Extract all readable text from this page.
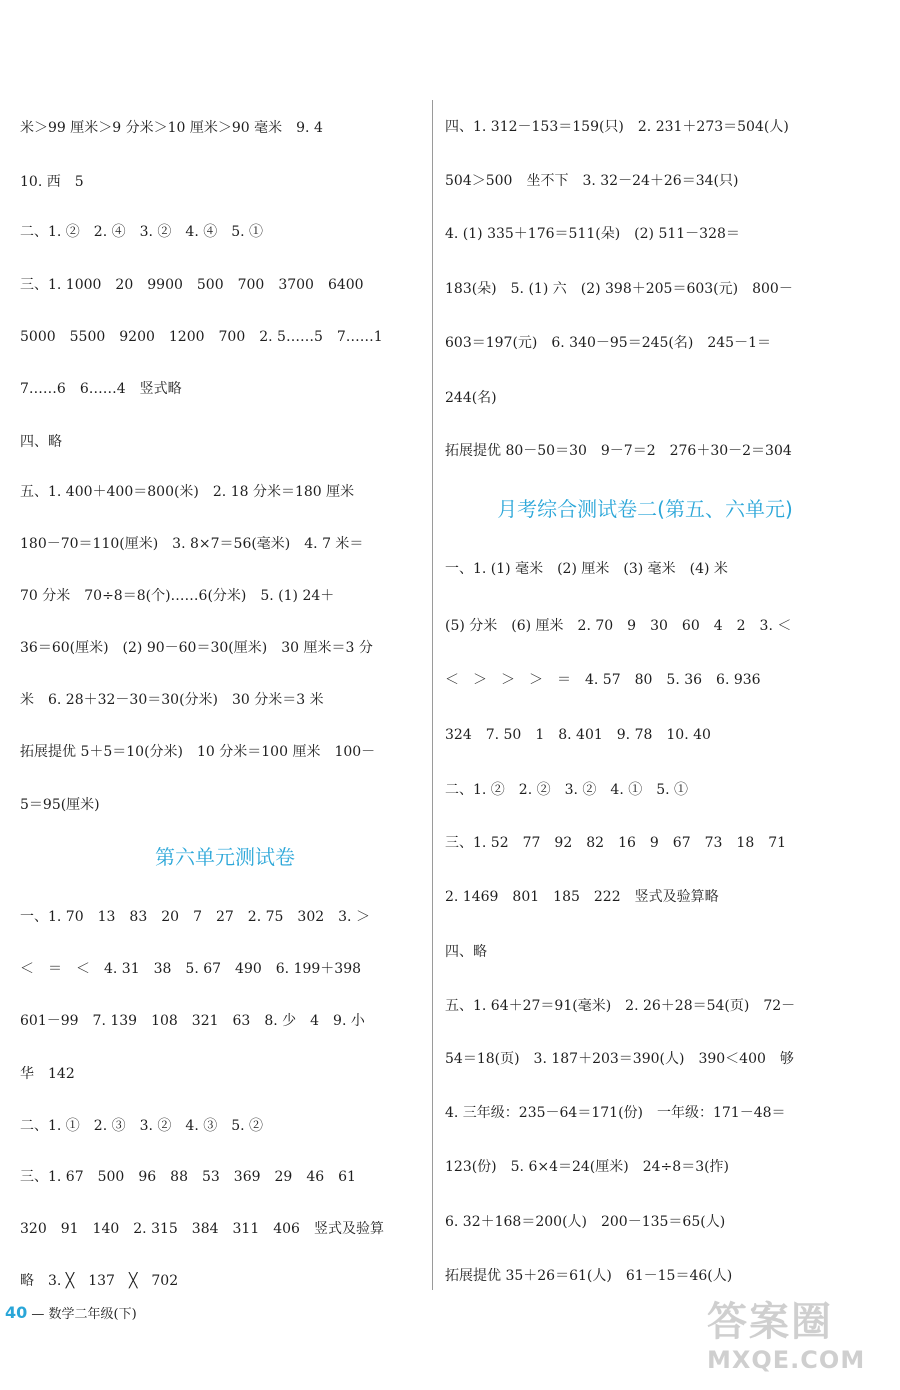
米＞99 厘米＞9 分米＞10 厘米＞90 毫米　9. 4
10. 西　5
二、1. ②　2. ④　3. ②　4. ④　5. ①
三、1. 1000　20　9900　500　700　3700　6400
5000　5500　9200　1200　700　2. 5……5　7……1
7……6　6……4　竖式略
四、略
五、1. 400＋400＝800(米)　2. 18 分米＝180 厘米
180－70＝110(厘米)　3. 8×7＝56(毫米)　4. 7 米＝
70 分米　70÷8＝8(个)……6(分米)　5. (1) 24＋
36＝60(厘米)　(2) 90－60＝30(厘米)　30 厘米＝3 分
米　6. 28＋32－30＝30(分米)　30 分米＝3 米
拓展提优 5＋5＝10(分米)　10 分米＝100 厘米　100－
5＝95(厘米)
第六单元测试卷
一、1. 70　13　83　20　7　27　2. 75　302　3. ＞
＜　＝　＜　4. 31　38　5. 67　490　6. 199＋398
601－99　7. 139　108　321　63　8. 少　4　9. 小
华　142
二、1. ①　2. ③　3. ②　4. ③　5. ②
三、1. 67　500　96　88　53　369　29　46　61
320　91　140　2. 315　384　311　406　竖式及验算
略　3. ╳　137　╳　702
四、1. 312－153＝159(只)　2. 231＋273＝504(人)
504＞500　坐不下　3. 32－24＋26＝34(只)
4. (1) 335＋176＝511(朵)　(2) 511－328＝
183(朵)　5. (1) 六　(2) 398＋205＝603(元)　800－
603＝197(元)　6. 340－95＝245(名)　245－1＝
244(名)
拓展提优 80－50＝30　9－7＝2　276＋30－2＝304
月考综合测试卷二(第五、六单元)
一、1. (1) 毫米　(2) 厘米　(3) 毫米　(4) 米
(5) 分米　(6) 厘米　2. 70　9　30　60　4　2　3. ＜
＜　＞　＞　＞　＝　4. 57　80　5. 36　6. 936
324　7. 50　1　8. 401　9. 78　10. 40
二、1. ②　2. ②　3. ②　4. ①　5. ①
三、1. 52　77　92　82　16　9　67　73　18　71
2. 1469　801　185　222　竖式及验算略
四、略
五、1. 64＋27＝91(毫米)　2. 26＋28＝54(页)　72－
54＝18(页)　3. 187＋203＝390(人)　390＜400　够
4. 三年级：235－64＝171(份)　一年级：171－48＝
123(份)　5. 6×4＝24(厘米)　24÷8＝3(拃)
6. 32＋168＝200(人)　200－135＝65(人)
拓展提优 35＋26＝61(人)　61－15＝46(人)
40 — 数学二年级(下)	答案圈
MXQE.COM
